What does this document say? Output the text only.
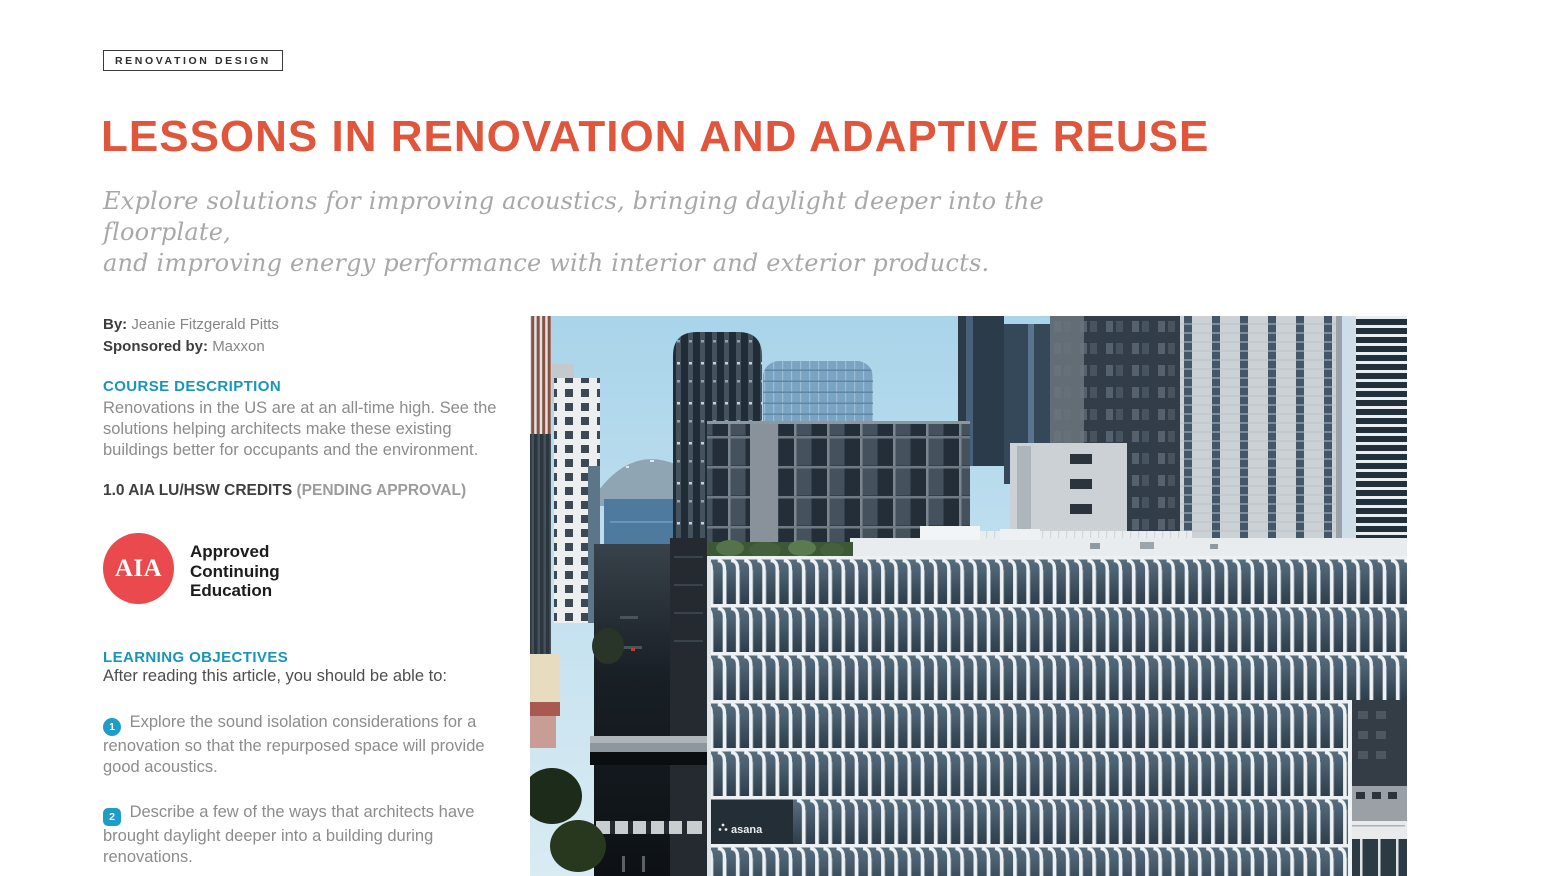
RENOVATION DESIGN
LESSONS IN RENOVATION AND ADAPTIVE REUSE
Explore solutions for improving acoustics, bringing daylight deeper into the floorplate,
and improving energy performance with interior and exterior products.
By: Jeanie Fitzgerald Pitts
Sponsored by: Maxxon
COURSE DESCRIPTION
Renovations in the US are at an all-time high. See the solutions helping architects make these existing buildings better for occupants and the environment.
1.0 AIA LU/HSW CREDITS (PENDING APPROVAL)
AIA
Approved
Continuing
Education
LEARNING OBJECTIVES
After reading this article, you should be able to:

1 Explore the sound isolation considerations for a renovation so that the repurposed space will provide good acoustics.

2 Describe a few of the ways that architects have brought daylight deeper into a building during renovations.

asana
